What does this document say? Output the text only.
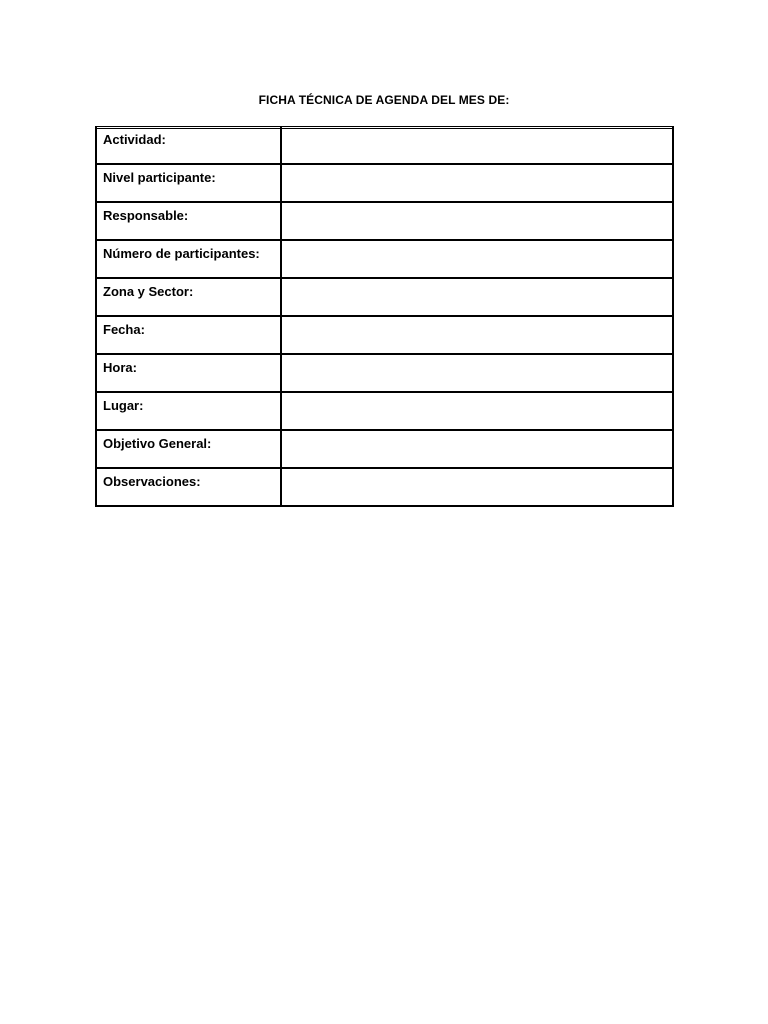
FICHA TÉCNICA DE AGENDA DEL MES DE:
Actividad:	

Nivel participante:	

Responsable:	

Número de participantes:	

Zona y Sector:	

Fecha:	

Hora:	

Lugar:	

Objetivo General:	

Observaciones:	
